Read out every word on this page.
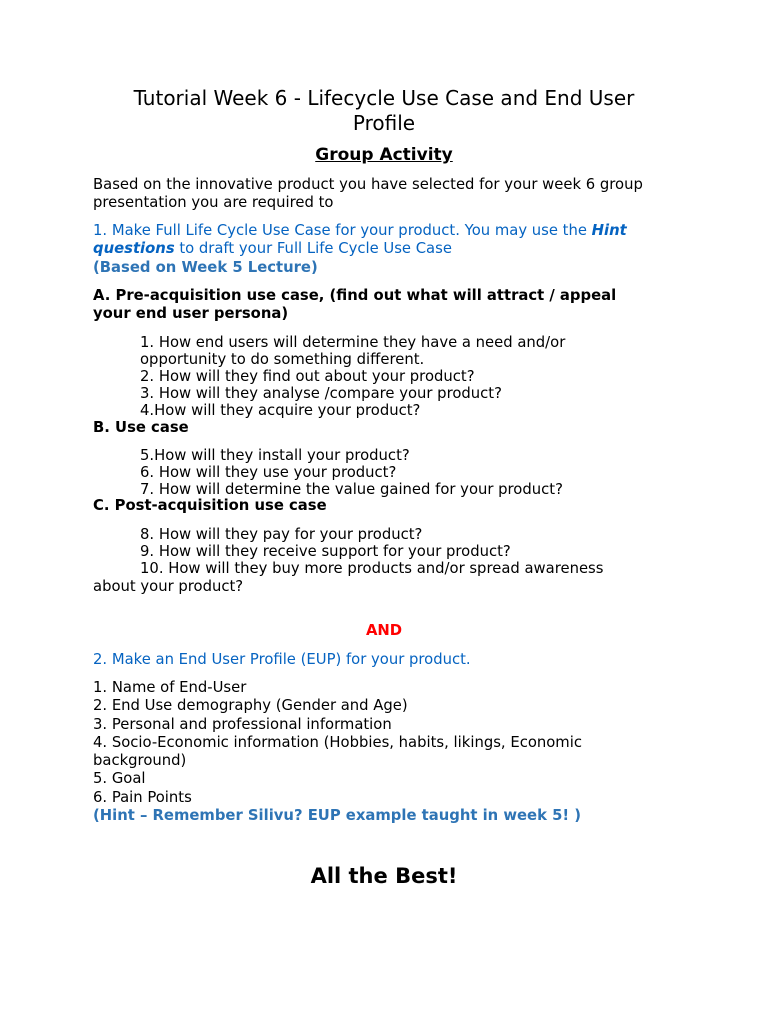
Tutorial Week 6 - Lifecycle Use Case and End User
Profile
Group Activity
Based on the innovative product you have selected for your week 6 group
presentation you are required to
1. Make Full Life Cycle Use Case for your product. You may use the Hint
questions to draft your Full Life Cycle Use Case
(Based on Week 5 Lecture)
A. Pre-acquisition use case, (find out what will attract / appeal
your end user persona)
1. How end users will determine they have a need and/or
opportunity to do something different.
2. How will they find out about your product?
3. How will they analyse /compare your product?
4.How will they acquire your product?
B. Use case
5.How will they install your product?
6. How will they use your product?
7. How will determine the value gained for your product?
C. Post-acquisition use case
8. How will they pay for your product?
9. How will they receive support for your product?
10. How will they buy more products and/or spread awareness
about your product?
AND
2. Make an End User Profile (EUP) for your product.
1. Name of End-User
2. End Use demography (Gender and Age)
3. Personal and professional information
4. Socio-Economic information (Hobbies, habits, likings, Economic
background)
5. Goal
6. Pain Points
(Hint – Remember Silivu? EUP example taught in week 5! )
All the Best!
